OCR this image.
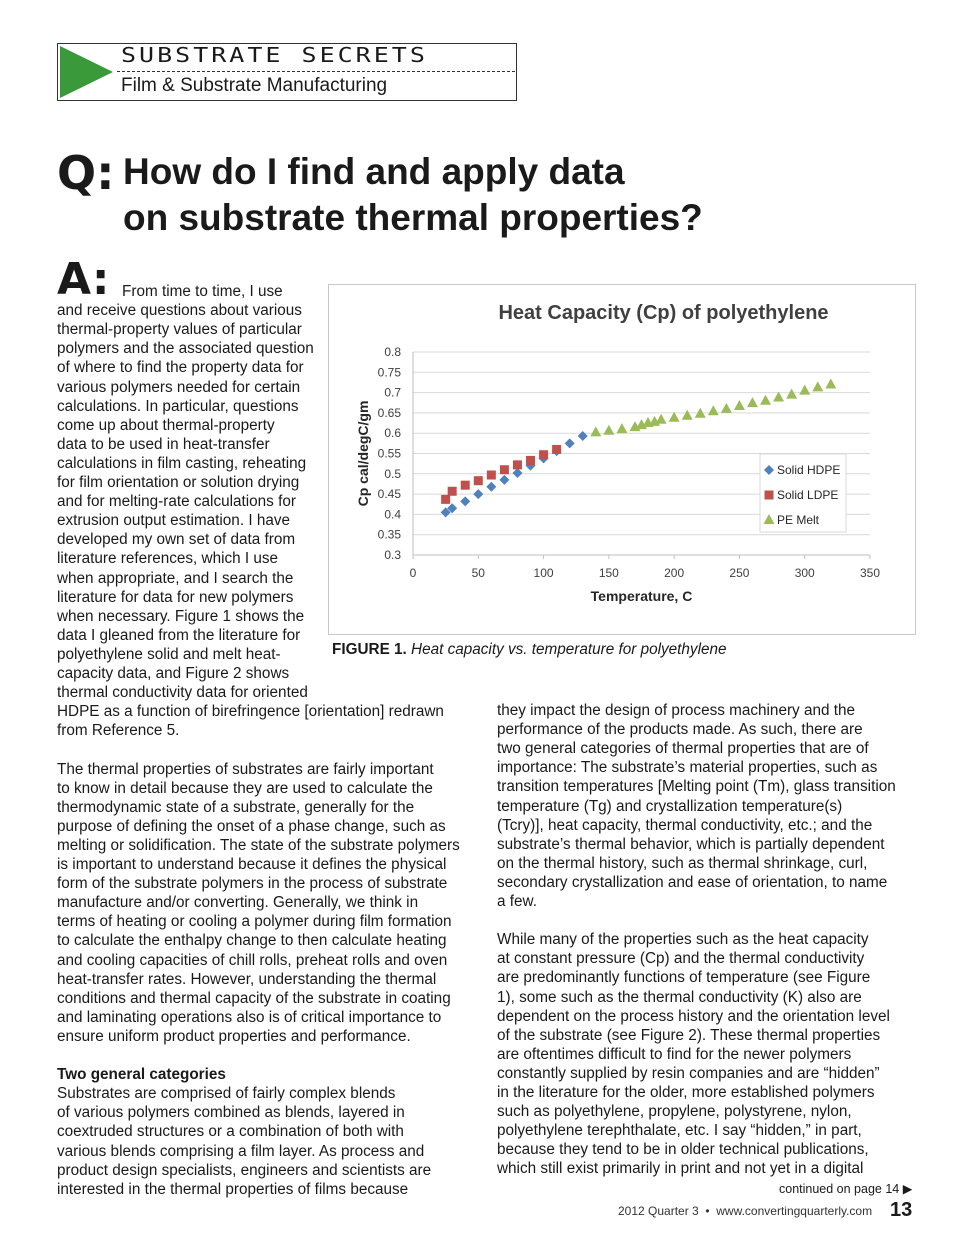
SUBSTRATE SECRETS
Film & Substrate Manufacturing
Q: How do I find and apply data
on substrate thermal properties?
A: From time to time, I use
and receive questions about various
thermal-property values of particular
polymers and the associated question
of where to find the property data for
various polymers needed for certain
calculations. In particular, questions
come up about thermal-property
data to be used in heat-transfer
calculations in film casting, reheating
for film orientation or solution drying
and for melting-rate calculations for
extrusion output estimation. I have
developed my own set of data from
literature references, which I use
when appropriate, and I search the
literature for data for new polymers
when necessary. Figure 1 shows the
data I gleaned from the literature for
polyethylene solid and melt heat-
capacity data, and Figure 2 shows
thermal conductivity data for oriented
HDPE as a function of birefringence [orientation] redrawn
from Reference 5.
The thermal properties of substrates are fairly important
to know in detail because they are used to calculate the
thermodynamic state of a substrate, generally for the
purpose of defining the onset of a phase change, such as
melting or solidification. The state of the substrate polymers
is important to understand because it defines the physical
form of the substrate polymers in the process of substrate
manufacture and/or converting. Generally, we think in
terms of heating or cooling a polymer during film formation
to calculate the enthalpy change to then calculate heating
and cooling capacities of chill rolls, preheat rolls and oven
heat-transfer rates. However, understanding the thermal
conditions and thermal capacity of the substrate in coating
and laminating operations also is of critical importance to
ensure uniform product properties and performance.
Two general categories
Substrates are comprised of fairly complex blends
of various polymers combined as blends, layered in
coextruded structures or a combination of both with
various blends comprising a film layer. As process and
product design specialists, engineers and scientists are
interested in the thermal properties of films because
they impact the design of process machinery and the
performance of the products made. As such, there are
two general categories of thermal properties that are of
importance: The substrate’s material properties, such as
transition temperatures [Melting point (Tm), glass transition
temperature (Tg) and crystallization temperature(s)
(Tcry)], heat capacity, thermal conductivity, etc.; and the
substrate’s thermal behavior, which is partially dependent
on the thermal history, such as thermal shrinkage, curl,
secondary crystallization and ease of orientation, to name
a few.
While many of the properties such as the heat capacity
at constant pressure (Cp) and the thermal conductivity
are predominantly functions of temperature (see Figure
1), some such as the thermal conductivity (K) also are
dependent on the process history and the orientation level
of the substrate (see Figure 2). These thermal properties
are oftentimes difficult to find for the newer polymers
constantly supplied by resin companies and are “hidden”
in the literature for the older, more established polymers
such as polyethylene, propylene, polystyrene, nylon,
polyethylene terephthalate, etc. I say “hidden,” in part,
because they tend to be in older technical publications,
which still exist primarily in print and not yet in a digital
Heat Capacity (Cp) of polyethylene
0.3
0.35
0.4
0.45
0.5
0.55
0.6
0.65
0.7
0.75
0.8
0	50	100	150	200	250	300	350
Temperature, C
Cp cal/degC/gm	Solid HDPE
Solid LDPE
PE Melt
FIGURE 1. Heat capacity vs. temperature for polyethylene
continued on page 14 ▶
2012 Quarter 3 • www.convertingquarterly.com 13
